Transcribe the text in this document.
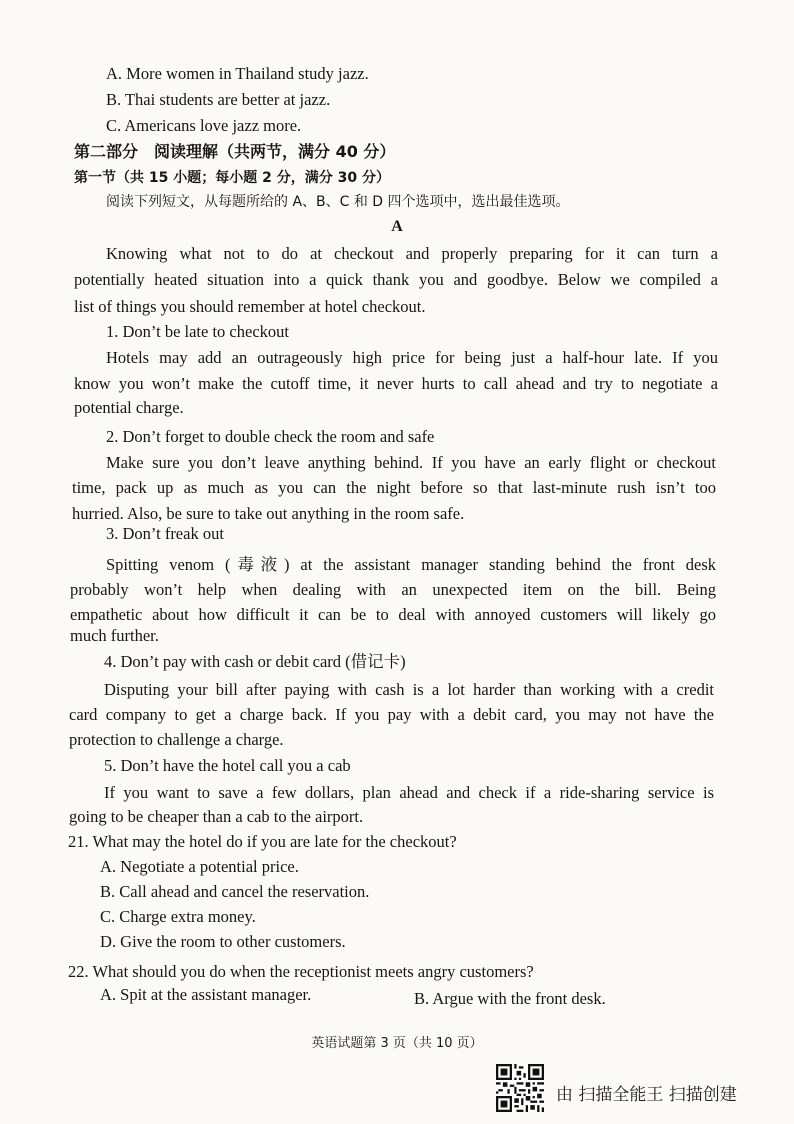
A. More women in Thailand study jazz.
B. Thai students are better at jazz.
C. Americans love jazz more.
第二部分　阅读理解（共两节，满分 40 分）
第一节（共 15 小题；每小题 2 分，满分 30 分）
阅读下列短文，从每题所给的 A、B、C 和 D 四个选项中，选出最佳选项。
A
Knowing what not to do at checkout and properly preparing for it can turn a
potentially heated situation into a quick thank you and goodbye. Below we compiled a
list of things you should remember at hotel checkout.
1. Don’t be late to checkout
Hotels may add an outrageously high price for being just a half-hour late. If you
know you won’t make the cutoff time, it never hurts to call ahead and try to negotiate a
potential charge.
2. Don’t forget to double check the room and safe
Make sure you don’t leave anything behind. If you have an early flight or checkout
time, pack up as much as you can the night before so that last-minute rush isn’t too
hurried. Also, be sure to take out anything in the room safe.
3. Don’t freak out
Spitting venom (毒液) at the assistant manager standing behind the front desk
probably won’t help when dealing with an unexpected item on the bill. Being
empathetic about how difficult it can be to deal with annoyed customers will likely go
much further.
4. Don’t pay with cash or debit card (借记卡)
Disputing your bill after paying with cash is a lot harder than working with a credit
card company to get a charge back. If you pay with a debit card, you may not have the
protection to challenge a charge.
5. Don’t have the hotel call you a cab
If you want to save a few dollars, plan ahead and check if a ride-sharing service is
going to be cheaper than a cab to the airport.
21. What may the hotel do if you are late for the checkout?
A. Negotiate a potential price.
B. Call ahead and cancel the reservation.
C. Charge extra money.
D. Give the room to other customers.
22. What should you do when the receptionist meets angry customers?
A. Spit at the assistant manager.	B. Argue with the front desk.
英语试题第 3 页（共 10 页）
由 扫描全能王 扫描创建
